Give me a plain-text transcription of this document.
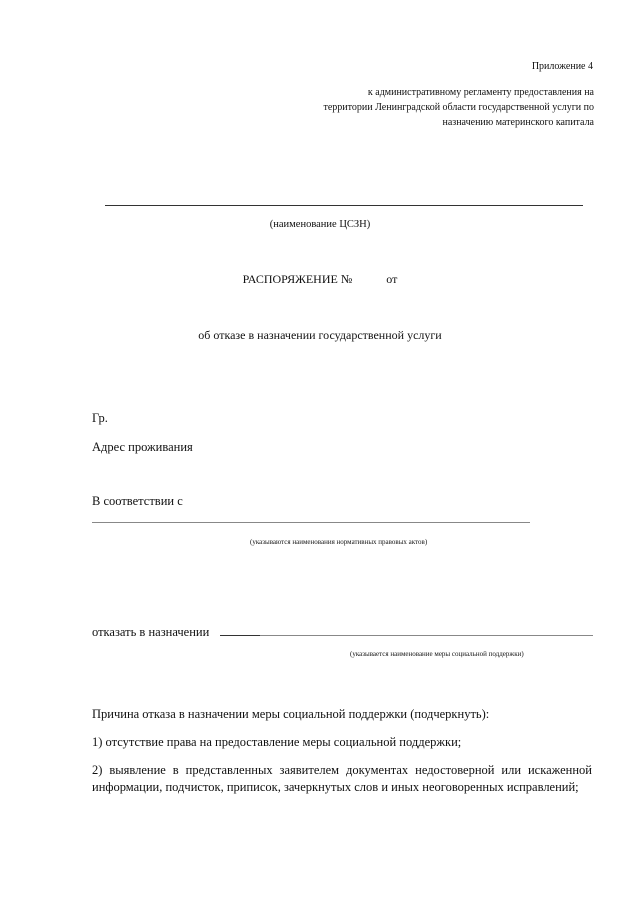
Приложение 4
к административному регламенту предоставления на
территории Ленинградской области государственной услуги по
назначению материнского капитала
(наименование ЦСЗН)
РАСПОРЯЖЕНИЕ №	от
об отказе в назначении государственной услуги
Гр.
Адрес проживания
В соответствии с
(указываются наименования нормативных правовых актов)
отказать в назначении
(указывается наименование меры социальной поддержки)
Причина отказа в назначении меры социальной поддержки (подчеркнуть):
1) отсутствие права на предоставление меры социальной поддержки;
2) выявление в представленных заявителем документах недостоверной или искаженной информации, подчисток, приписок, зачеркнутых слов и иных неоговоренных исправлений;
